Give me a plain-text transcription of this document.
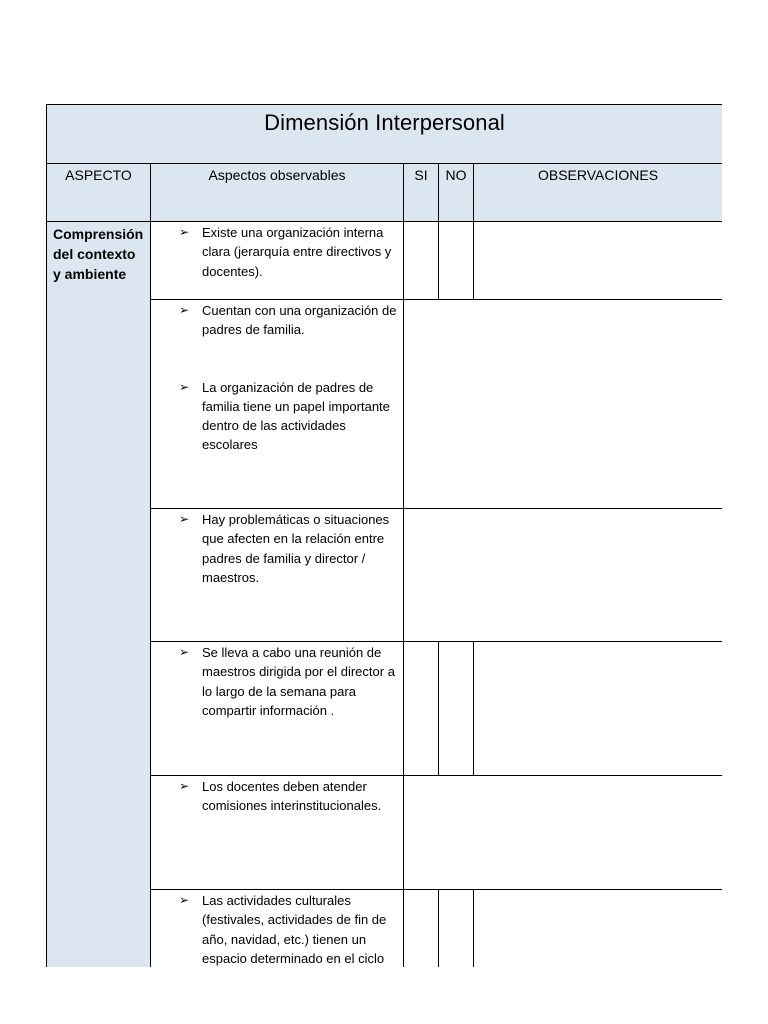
Dimensión Interpersonal				
ASPECTO	Aspectos observables	SI	NO	OBSERVACIONES
Comprensión del contexto y ambiente	➢ Existe una organización interna clara (jerarquía entre directivos y docentes).			

	➢ Cuentan con una organización de padres de familia.
➢ La organización de padres de familia tiene un papel importante dentro de las actividades escolares			

	➢ Hay problemáticas o situaciones que afecten en la relación entre padres de familia y director / maestros.			

	➢ Se lleva a cabo una reunión de maestros dirigida por el director a lo largo de la semana para compartir información .			

	➢ Los docentes deben atender comisiones interinstitucionales.			

	➢ Las actividades culturales (festivales, actividades de fin de año, navidad, etc.) tienen un espacio determinado en el ciclo			
